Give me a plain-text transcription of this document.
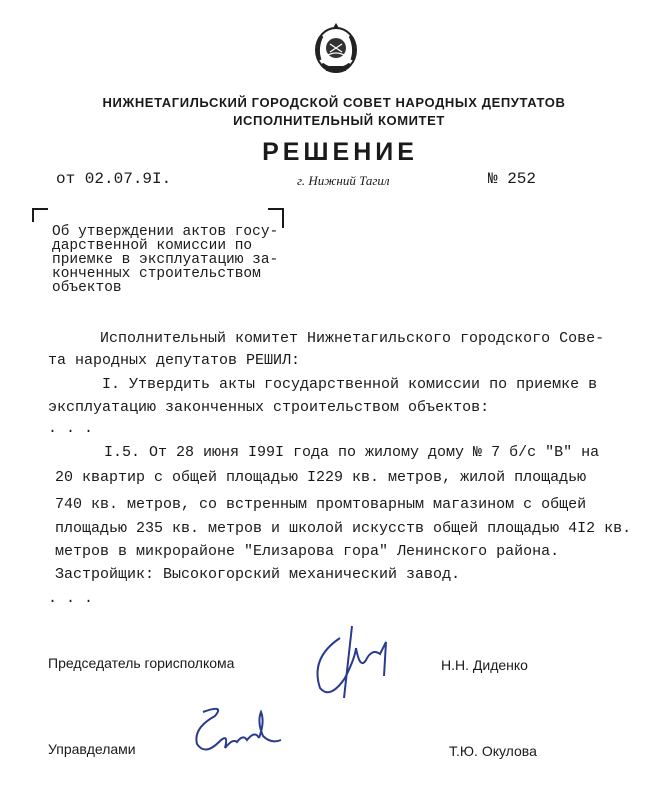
НИЖНЕТАГИЛЬСКИЙ ГОРОДСКОЙ СОВЕТ НАРОДНЫХ ДЕПУТАТОВ
ИСПОЛНИТЕЛЬНЫЙ КОМИТЕТ
РЕШЕНИЕ
от 02.07.9I.	г. Нижний Тагил	№ 252
Об утверждении актов госу-
дарственной комиссии по
приемке в эксплуатацию за-
конченных строительством
объектов
Исполнительный комитет Нижнетагильского городского Сове-
та народных депутатов РЕШИЛ:
I. Утвердить акты государственной комиссии по приемке в
эксплуатацию законченных строительством объектов:
. . .
I.5. От 28 июня I99I года по жилому дому № 7 б/с "В" на
20 квартир с общей площадью I229 кв. метров, жилой площадью
740 кв. метров, со встренным промтоварным магазином с общей
площадью 235 кв. метров и школой искусств общей площадью 4I2 кв.
метров в микрорайоне "Елизарова гора" Ленинского района.
Застройщик: Высокогорский механический завод.
. . .
Председатель горисполкома	Н.Н. Диденко
Управделами	Т.Ю. Окулова
